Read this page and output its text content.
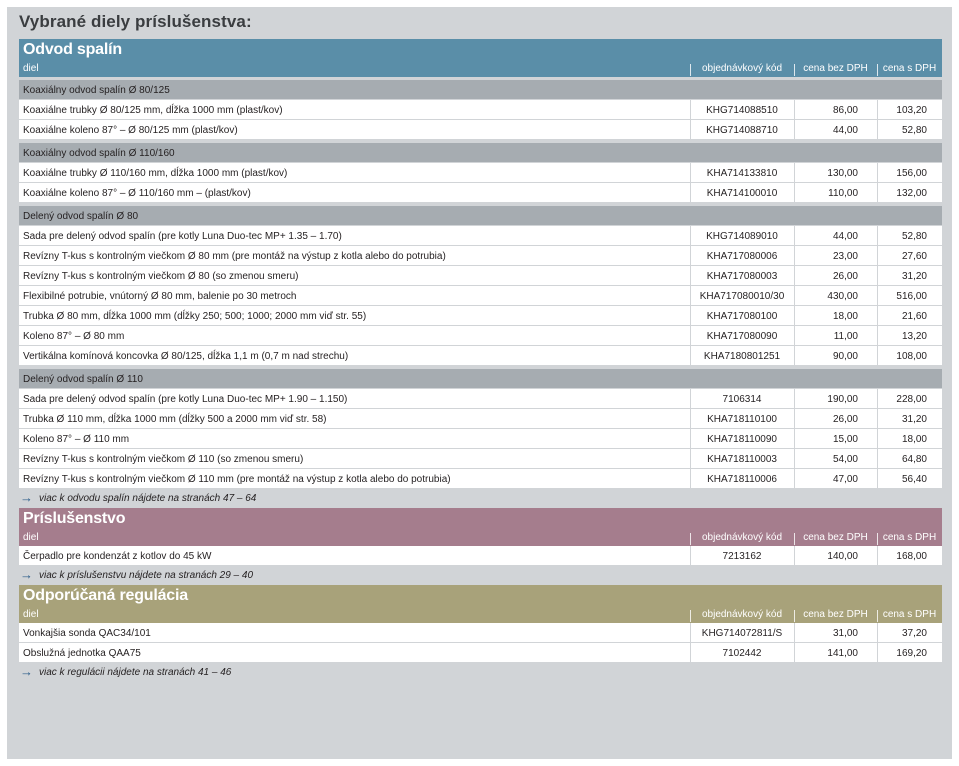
Vybrané diely príslušenstva:
Odvod spalín
diel	objednávkový kód	cena bez DPH	cena s DPH
Koaxiálny odvod spalín Ø 80/125
Koaxiálne trubky Ø 80/125 mm, dĺžka 1000 mm (plast/kov)	KHG714088510	86,00	103,20
Koaxiálne koleno 87° – Ø 80/125 mm (plast/kov)	KHG714088710	44,00	52,80
Koaxiálny odvod spalín Ø 110/160
Koaxiálne trubky Ø 110/160 mm, dĺžka 1000 mm (plast/kov)	KHA714133810	130,00	156,00
Koaxiálne koleno 87° – Ø 110/160 mm – (plast/kov)	KHA714100010	110,00	132,00
Delený odvod spalín Ø 80
Sada pre delený odvod spalín (pre kotly Luna Duo-tec MP+ 1.35 – 1.70)	KHG714089010	44,00	52,80
Revízny T-kus s kontrolným viečkom Ø 80 mm (pre montáž na výstup z kotla alebo do potrubia)	KHA717080006	23,00	27,60
Revízny T-kus s kontrolným viečkom Ø 80 (so zmenou smeru)	KHA717080003	26,00	31,20
Flexibilné potrubie, vnútorný Ø 80 mm, balenie po 30 metroch	KHA717080010/30	430,00	516,00
Trubka Ø 80 mm, dĺžka 1000 mm (dĺžky 250; 500; 1000; 2000 mm viď str. 55)	KHA717080100	18,00	21,60
Koleno 87° – Ø 80 mm	KHA717080090	11,00	13,20
Vertikálna komínová koncovka Ø 80/125, dĺžka 1,1 m (0,7 m nad strechu)	KHA7180801251	90,00	108,00
Delený odvod spalín Ø 110
Sada pre delený odvod spalín (pre kotly Luna Duo-tec MP+ 1.90 – 1.150)	7106314	190,00	228,00
Trubka Ø 110 mm, dĺžka 1000 mm (dĺžky 500 a 2000 mm viď str. 58)	KHA718110100	26,00	31,20
Koleno 87° – Ø 110 mm	KHA718110090	15,00	18,00
Revízny T-kus s kontrolným viečkom Ø 110 (so zmenou smeru)	KHA718110003	54,00	64,80
Revízny T-kus s kontrolným viečkom Ø 110 mm (pre montáž na výstup z kotla alebo do potrubia)	KHA718110006	47,00	56,40
→ viac k odvodu spalín nájdete na stranách 47 – 64
Príslušenstvo
diel	objednávkový kód	cena bez DPH	cena s DPH
Čerpadlo pre kondenzát z kotlov do 45 kW	7213162	140,00	168,00
→ viac k príslušenstvu nájdete na stranách 29 – 40
Odporúčaná regulácia
diel	objednávkový kód	cena bez DPH	cena s DPH
Vonkajšia sonda QAC34/101	KHG714072811/S	31,00	37,20
Obslužná jednotka QAA75	7102442	141,00	169,20
→ viac k regulácii nájdete na stranách 41 – 46
